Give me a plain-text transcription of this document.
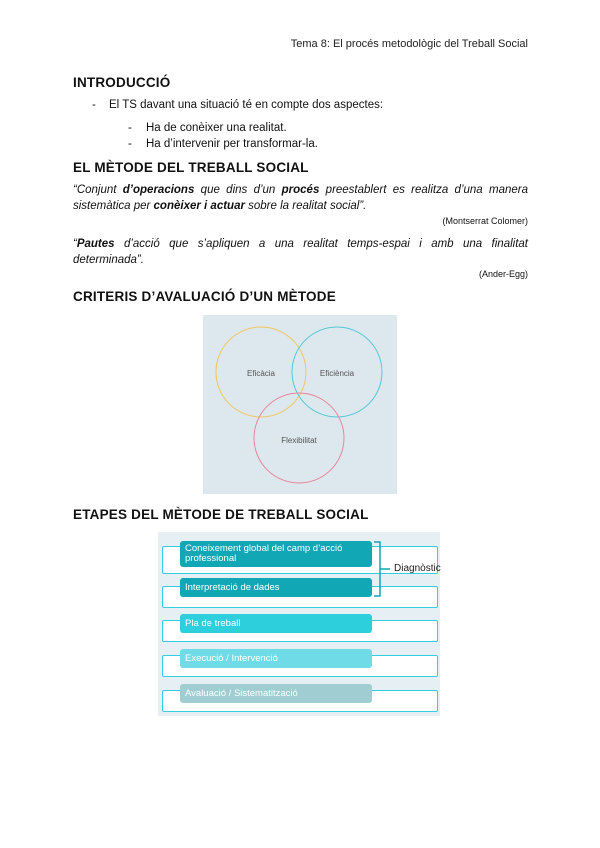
Tema 8: El procés metodològic del Treball Social
INTRODUCCIÓ
- El TS davant una situació té en compte dos aspectes:
- Ha de conèixer una realitat.
- Ha d’intervenir per transformar-la.
EL MÈTODE DEL TREBALL SOCIAL
“Conjunt d’operacions que dins d’un procés preestablert es realitza d’una manera sistemàtica per conèixer i actuar sobre la realitat social”.
(Montserrat Colomer)
“Pautes d’acció que s’apliquen a una realitat temps-espai i amb una finalitat determinada”.
(Ander-Egg)
CRITERIS D’AVALUACIÓ D’UN MÈTODE
Eficàcia	Eficiència
Flexibilitat
ETAPES DEL MÈTODE DE TREBALL SOCIAL
Coneixement global del camp d’acció professional
Interpretació de dades
Pla de treball
Execució / Intervenció
Avaluació / Sistematització
Diagnòstic
